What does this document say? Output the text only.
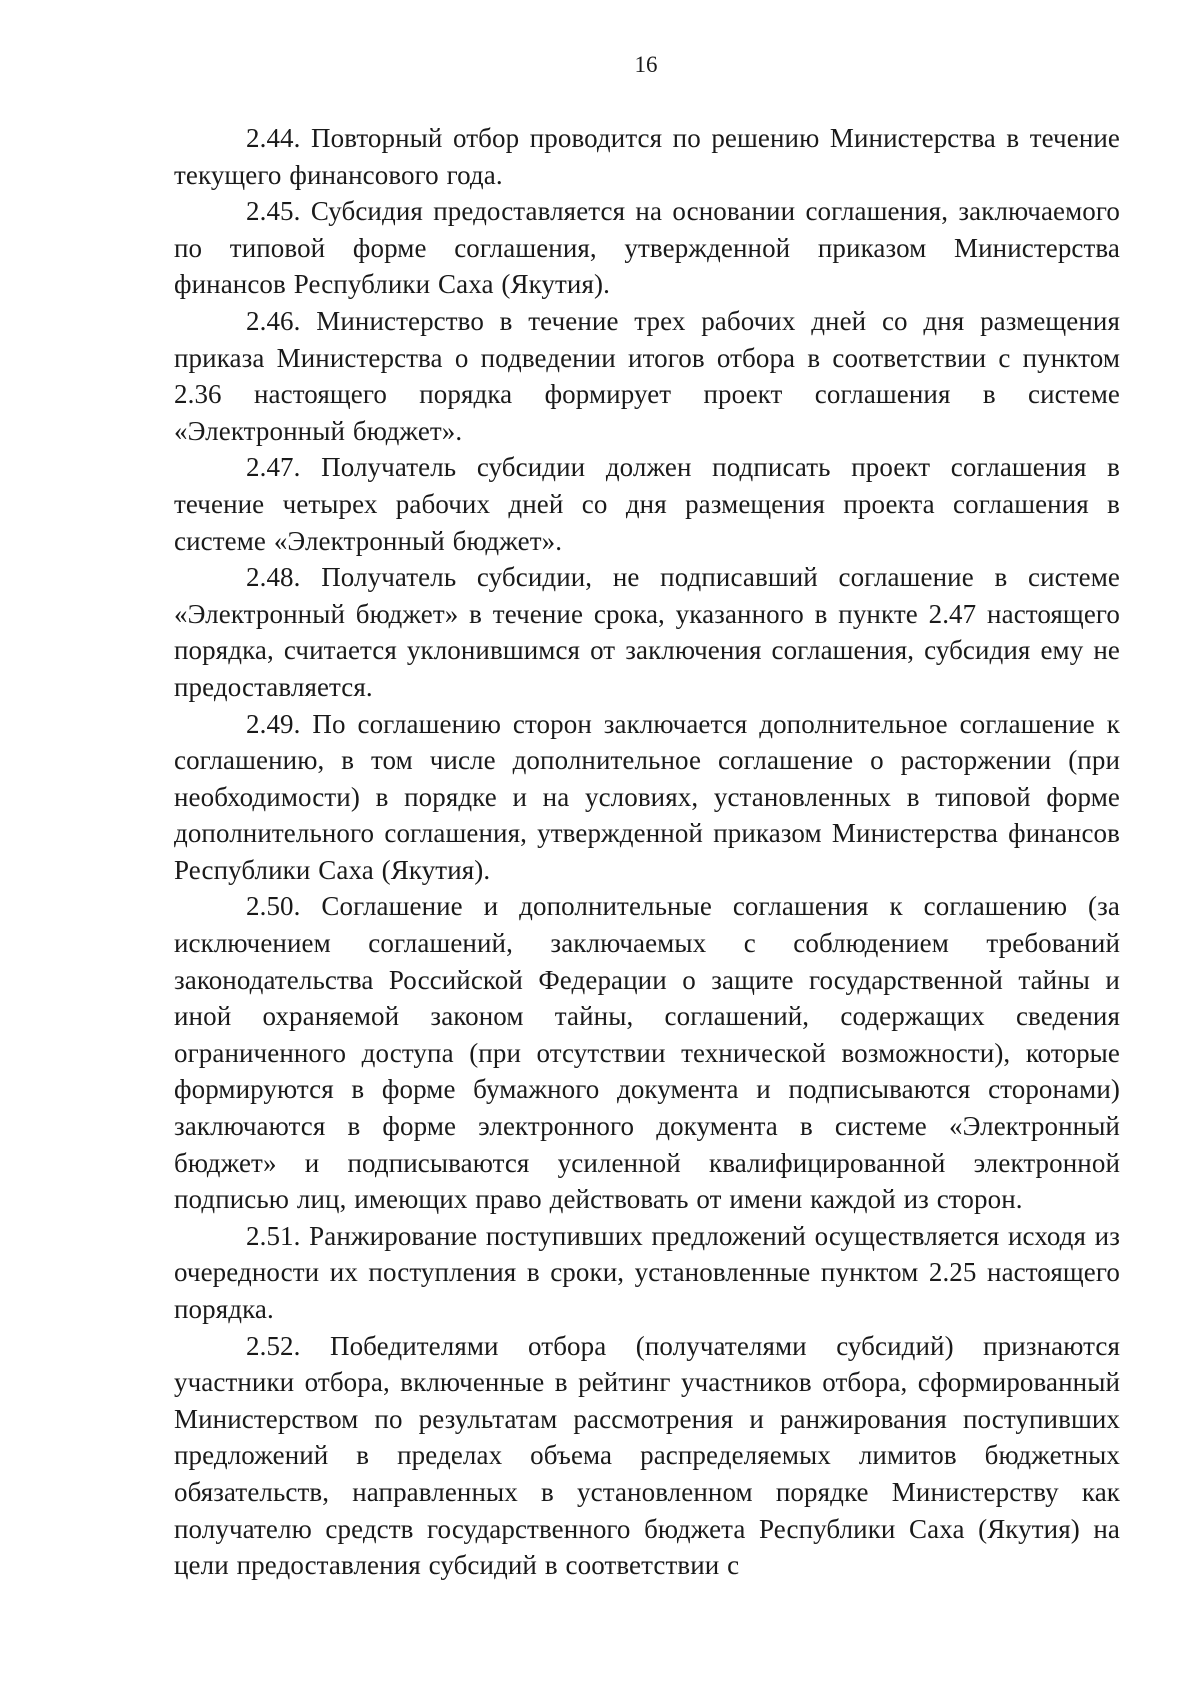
16

2.44. Повторный отбор проводится по решению Министерства в течение текущего финансового года.

2.45. Субсидия предоставляется на основании соглашения, заключаемого по типовой форме соглашения, утвержденной приказом Министерства финансов Республики Саха (Якутия).

2.46. Министерство в течение трех рабочих дней со дня размещения приказа Министерства о подведении итогов отбора в соответствии с пунктом 2.36 настоящего порядка формирует проект соглашения в системе «Электронный бюджет».

2.47. Получатель субсидии должен подписать проект соглашения в течение четырех рабочих дней со дня размещения проекта соглашения в системе «Электронный бюджет».

2.48. Получатель субсидии, не подписавший соглашение в системе «Электронный бюджет» в течение срока, указанного в пункте 2.47 настоящего порядка, считается уклонившимся от заключения соглашения, субсидия ему не предоставляется.

2.49. По соглашению сторон заключается дополнительное соглашение к соглашению, в том числе дополнительное соглашение о расторжении (при необходимости) в порядке и на условиях, установленных в типовой форме дополнительного соглашения, утвержденной приказом Министерства финансов Республики Саха (Якутия).

2.50. Соглашение и дополнительные соглашения к соглашению (за исключением соглашений, заключаемых с соблюдением требований законодательства Российской Федерации о защите государственной тайны и иной охраняемой законом тайны, соглашений, содержащих сведения ограниченного доступа (при отсутствии технической возможности), которые формируются в форме бумажного документа и подписываются сторонами) заключаются в форме электронного документа в системе «Электронный бюджет» и подписываются усиленной квалифицированной электронной подписью лиц, имеющих право действовать от имени каждой из сторон.

2.51. Ранжирование поступивших предложений осуществляется исходя из очередности их поступления в сроки, установленные пунктом 2.25 настоящего порядка.

2.52. Победителями отбора (получателями субсидий) признаются участники отбора, включенные в рейтинг участников отбора, сформированный Министерством по результатам рассмотрения и ранжирования поступивших предложений в пределах объема распределяемых лимитов бюджетных обязательств, направленных в установленном порядке Министерству как получателю средств государственного бюджета Республики Саха (Якутия) на цели предоставления субсидий в соответствии с
